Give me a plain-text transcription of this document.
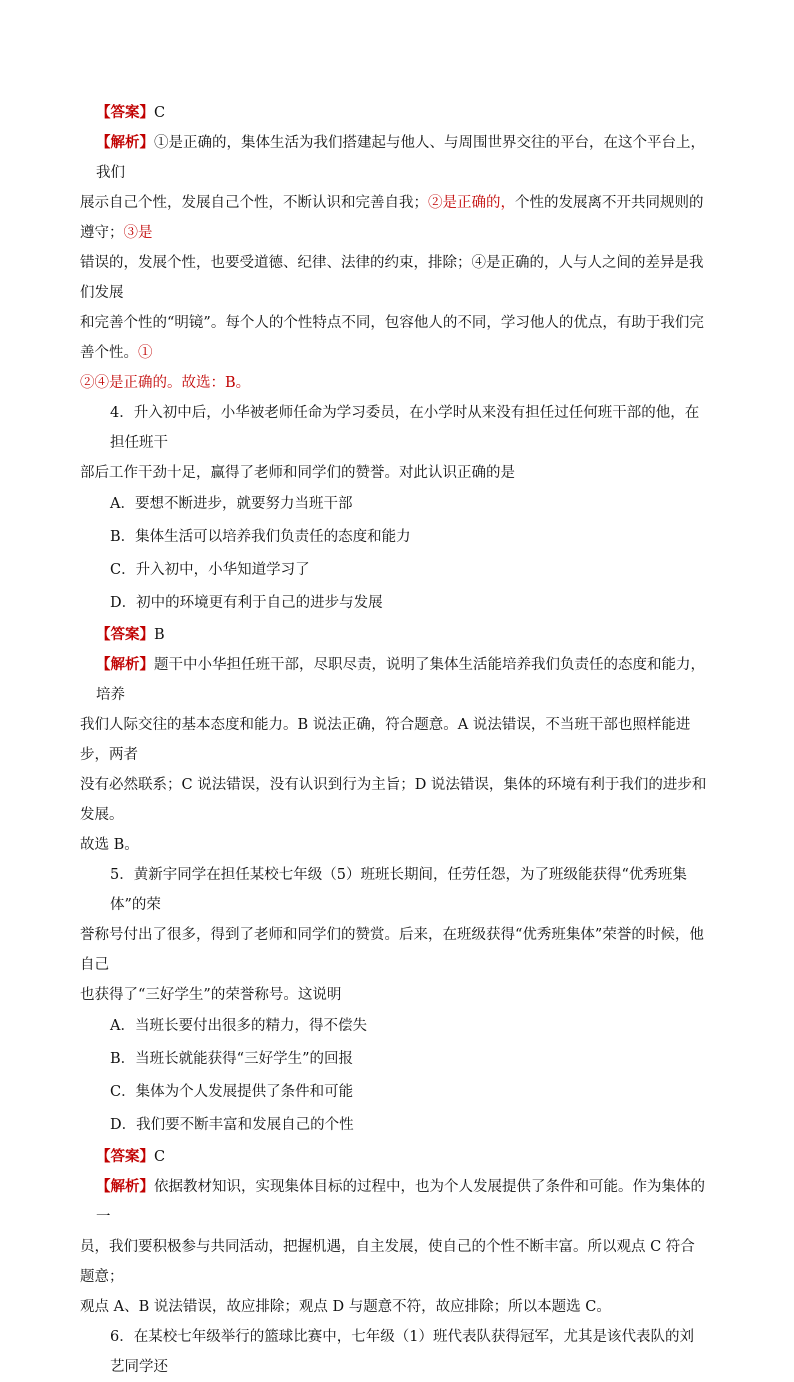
【答案】C

【解析】①是正确的，集体生活为我们搭建起与他人、与周围世界交往的平台，在这个平台上，我们

展示自己个性，发展自己个性，不断认识和完善自我；②是正确的，个性的发展离不开共同规则的遵守；③是

错误的，发展个性，也要受道德、纪律、法律的约束，排除；④是正确的，人与人之间的差异是我们发展

和完善个性的“明镜”。每个人的个性特点不同，包容他人的不同，学习他人的优点，有助于我们完善个性。①

②④是正确的。故选：B。

4．升入初中后，小华被老师任命为学习委员，在小学时从来没有担任过任何班干部的他，在担任班干

部后工作干劲十足，赢得了老师和同学们的赞誉。对此认识正确的是

A．要想不断进步，就要努力当班干部

B．集体生活可以培养我们负责任的态度和能力

C．升入初中，小华知道学习了

D．初中的环境更有利于自己的进步与发展

【答案】B

【解析】题干中小华担任班干部，尽职尽责，说明了集体生活能培养我们负责任的态度和能力，培养

我们人际交往的基本态度和能力。B 说法正确，符合题意。A 说法错误，不当班干部也照样能进步，两者

没有必然联系；C 说法错误，没有认识到行为主旨；D 说法错误，集体的环境有利于我们的进步和发展。

故选 B。

5．黄新宇同学在担任某校七年级（5）班班长期间，任劳任怨，为了班级能获得“优秀班集体”的荣

誉称号付出了很多，得到了老师和同学们的赞赏。后来，在班级获得“优秀班集体”荣誉的时候，他自己

也获得了“三好学生”的荣誉称号。这说明

A．当班长要付出很多的精力，得不偿失

B．当班长就能获得“三好学生”的回报

C．集体为个人发展提供了条件和可能

D．我们要不断丰富和发展自己的个性

【答案】C

【解析】依据教材知识，实现集体目标的过程中，也为个人发展提供了条件和可能。作为集体的一

员，我们要积极参与共同活动，把握机遇，自主发展，使自己的个性不断丰富。所以观点 C 符合题意；

观点 A、B 说法错误，故应排除；观点 D 与题意不符，故应排除；所以本题选 C。

6．在某校七年级举行的篮球比赛中，七年级（1）班代表队获得冠军，尤其是该代表队的刘艺同学还
